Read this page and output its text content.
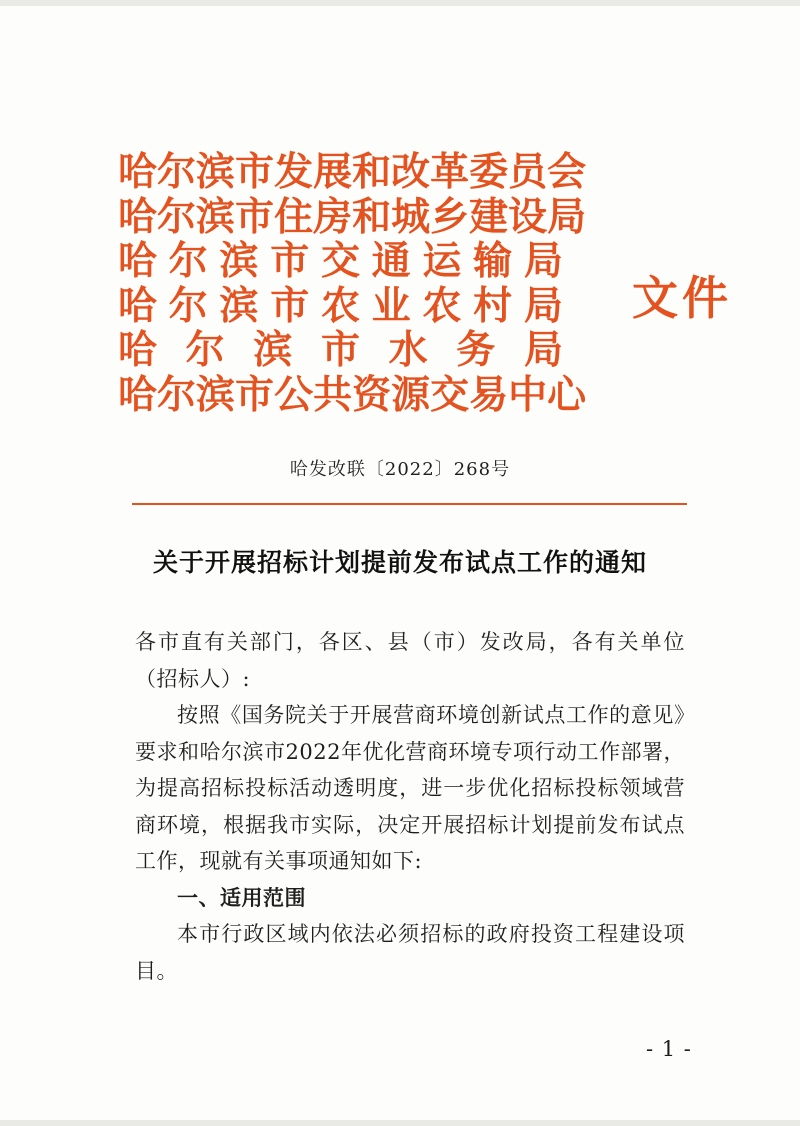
哈 尔 滨 市 发 展 和 改 革 委 员 会
哈 尔 滨 市 住 房 和 城 乡 建 设 局
哈 尔 滨 市 交 通 运 输 局
哈 尔 滨 市 农 业 农 村 局
哈 尔 滨 市 水 务 局
哈 尔 滨 市 公 共 资 源 交 易 中 心
文件
哈发改联〔2022〕268号
关于开展招标计划提前发布试点工作的通知

各市直有关部门，各区、县（市）发改局，各有关单位（招标人）:

按照《国务院关于开展营商环境创新试点工作的意见》要求和哈尔滨市2022年优化营商环境专项行动工作部署，为提高招标投标活动透明度，进一步优化招标投标领域营商环境，根据我市实际，决定开展招标计划提前发布试点工作，现就有关事项通知如下:

一、适用范围

本市行政区域内依法必须招标的政府投资工程建设项目。

- 1 -
